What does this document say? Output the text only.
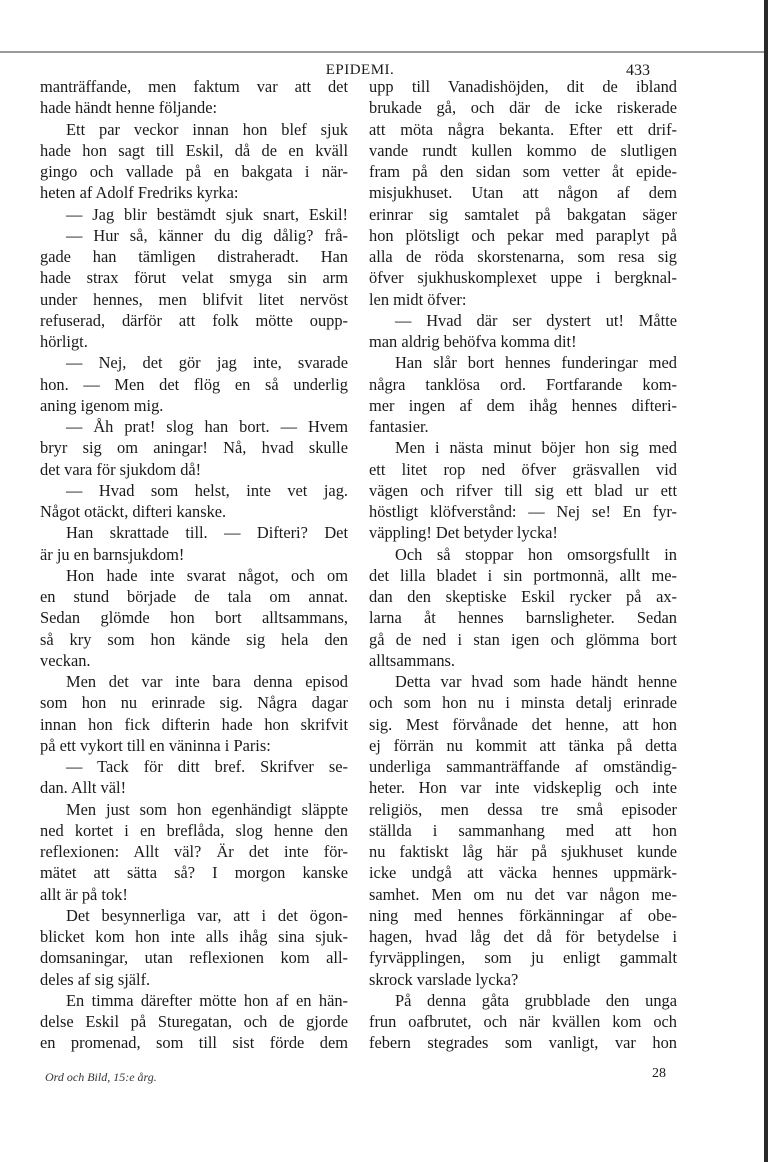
EPIDEMI.	433
manträffande, men faktum var att det
hade händt henne följande:
Ett par veckor innan hon blef sjuk
hade hon sagt till Eskil, då de en kväll
gingo och vallade på en bakgata i när-
heten af Adolf Fredriks kyrka:
— Jag blir bestämdt sjuk snart, Eskil!
— Hur så, känner du dig dålig? frå-
gade han tämligen distraheradt. Han
hade strax förut velat smyga sin arm
under hennes, men blifvit litet nervöst
refuserad, därför att folk mötte oupp-
hörligt.
— Nej, det gör jag inte, svarade
hon. — Men det flög en så underlig
aning igenom mig.
— Åh prat! slog han bort. — Hvem
bryr sig om aningar! Nå, hvad skulle
det vara för sjukdom då!
— Hvad som helst, inte vet jag.
Något otäckt, difteri kanske.
Han skrattade till. — Difteri? Det
är ju en barnsjukdom!
Hon hade inte svarat något, och om
en stund började de tala om annat.
Sedan glömde hon bort alltsammans,
så kry som hon kände sig hela den
veckan.
Men det var inte bara denna episod
som hon nu erinrade sig. Några dagar
innan hon fick difterin hade hon skrifvit
på ett vykort till en väninna i Paris:
— Tack för ditt bref. Skrifver se-
dan. Allt väl!
Men just som hon egenhändigt släppte
ned kortet i en breflåda, slog henne den
reflexionen: Allt väl? Är det inte för-
mätet att sätta så? I morgon kanske
allt är på tok!
Det besynnerliga var, att i det ögon-
blicket kom hon inte alls ihåg sina sjuk-
domsaningar, utan reflexionen kom all-
deles af sig själf.
En timma därefter mötte hon af en hän-
delse Eskil på Sturegatan, och de gjorde
en promenad, som till sist förde dem
upp till Vanadishöjden, dit de ibland
brukade gå, och där de icke riskerade
att möta några bekanta. Efter ett drif-
vande rundt kullen kommo de slutligen
fram på den sidan som vetter åt epide-
misjukhuset. Utan att någon af dem
erinrar sig samtalet på bakgatan säger
hon plötsligt och pekar med paraplyt på
alla de röda skorstenarna, som resa sig
öfver sjukhuskomplexet uppe i bergknal-
len midt öfver:
— Hvad där ser dystert ut! Måtte
man aldrig behöfva komma dit!
Han slår bort hennes funderingar med
några tanklösa ord. Fortfarande kom-
mer ingen af dem ihåg hennes difteri-
fantasier.
Men i nästa minut böjer hon sig med
ett litet rop ned öfver gräsvallen vid
vägen och rifver till sig ett blad ur ett
höstligt klöfverstånd: — Nej se! En fyr-
väppling! Det betyder lycka!
Och så stoppar hon omsorgsfullt in
det lilla bladet i sin portmonnä, allt me-
dan den skeptiske Eskil rycker på ax-
larna åt hennes barnsligheter. Sedan
gå de ned i stan igen och glömma bort
alltsammans.
Detta var hvad som hade händt henne
och som hon nu i minsta detalj erinrade
sig. Mest förvånade det henne, att hon
ej förrän nu kommit att tänka på detta
underliga sammanträffande af omständig-
heter. Hon var inte vidskeplig och inte
religiös, men dessa tre små episoder
ställda i sammanhang med att hon
nu faktiskt låg här på sjukhuset kunde
icke undgå att väcka hennes uppmärk-
samhet. Men om nu det var någon me-
ning med hennes förkänningar af obe-
hagen, hvad låg det då för betydelse i
fyrväpplingen, som ju enligt gammalt
skrock varslade lycka?
På denna gåta grubblade den unga
frun oafbrutet, och när kvällen kom och
febern stegrades som vanligt, var hon
Ord och Bild, 15:e årg.	28
